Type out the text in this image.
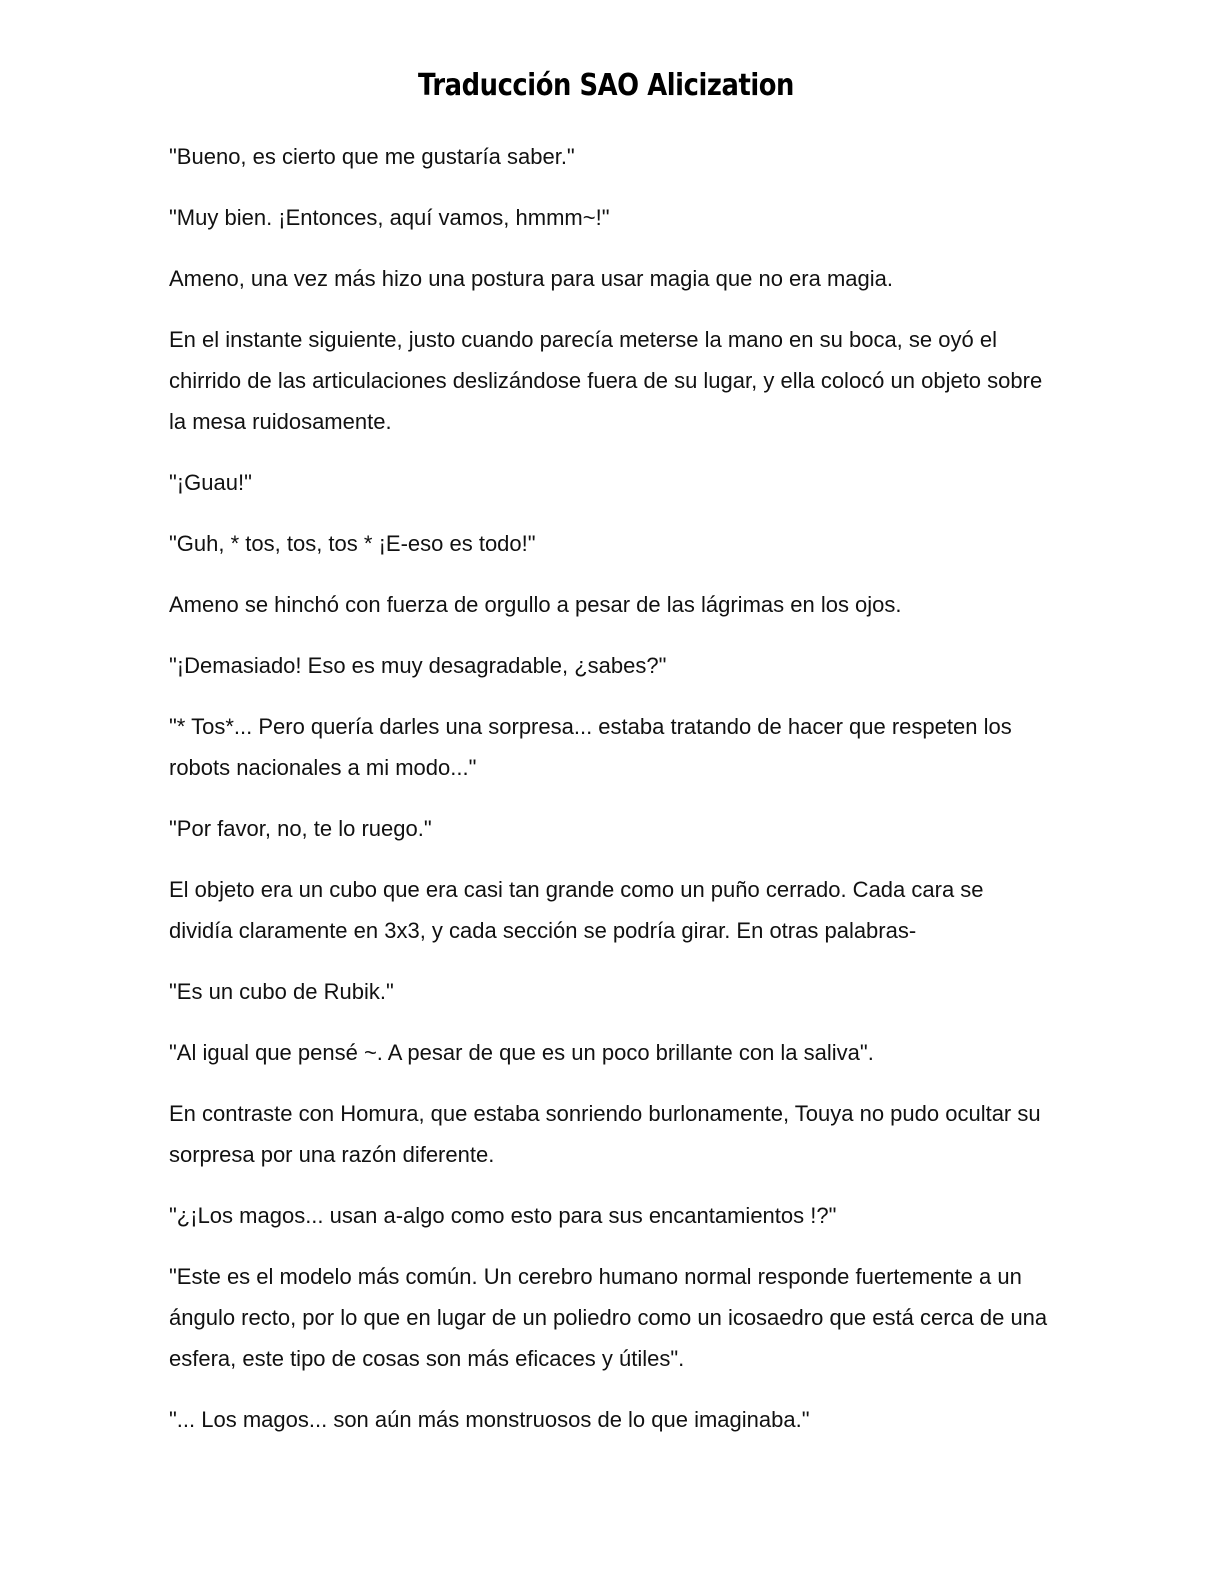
Traducción SAO Alicization

"Bueno, es cierto que me gustaría saber."

"Muy bien. ¡Entonces, aquí vamos, hmmm~!"

Ameno, una vez más hizo una postura para usar magia que no era magia.

En el instante siguiente, justo cuando parecía meterse la mano en su boca, se oyó el chirrido de las articulaciones deslizándose fuera de su lugar, y ella colocó un objeto sobre la mesa ruidosamente.

"¡Guau!"

"Guh, * tos, tos, tos * ¡E-eso es todo!"

Ameno se hinchó con fuerza de orgullo a pesar de las lágrimas en los ojos.

"¡Demasiado! Eso es muy desagradable, ¿sabes?"

"* Tos*... Pero quería darles una sorpresa... estaba tratando de hacer que respeten los robots nacionales a mi modo..."

"Por favor, no, te lo ruego."

El objeto era un cubo que era casi tan grande como un puño cerrado. Cada cara se dividía claramente en 3x3, y cada sección se podría girar. En otras palabras-

"Es un cubo de Rubik."

"Al igual que pensé ~. A pesar de que es un poco brillante con la saliva".

En contraste con Homura, que estaba sonriendo burlonamente, Touya no pudo ocultar su sorpresa por una razón diferente.

"¿¡Los magos... usan a-algo como esto para sus encantamientos !?"

"Este es el modelo más común. Un cerebro humano normal responde fuertemente a un ángulo recto, por lo que en lugar de un poliedro como un icosaedro que está cerca de una esfera, este tipo de cosas son más eficaces y útiles".

"... Los magos... son aún más monstruosos de lo que imaginaba."
